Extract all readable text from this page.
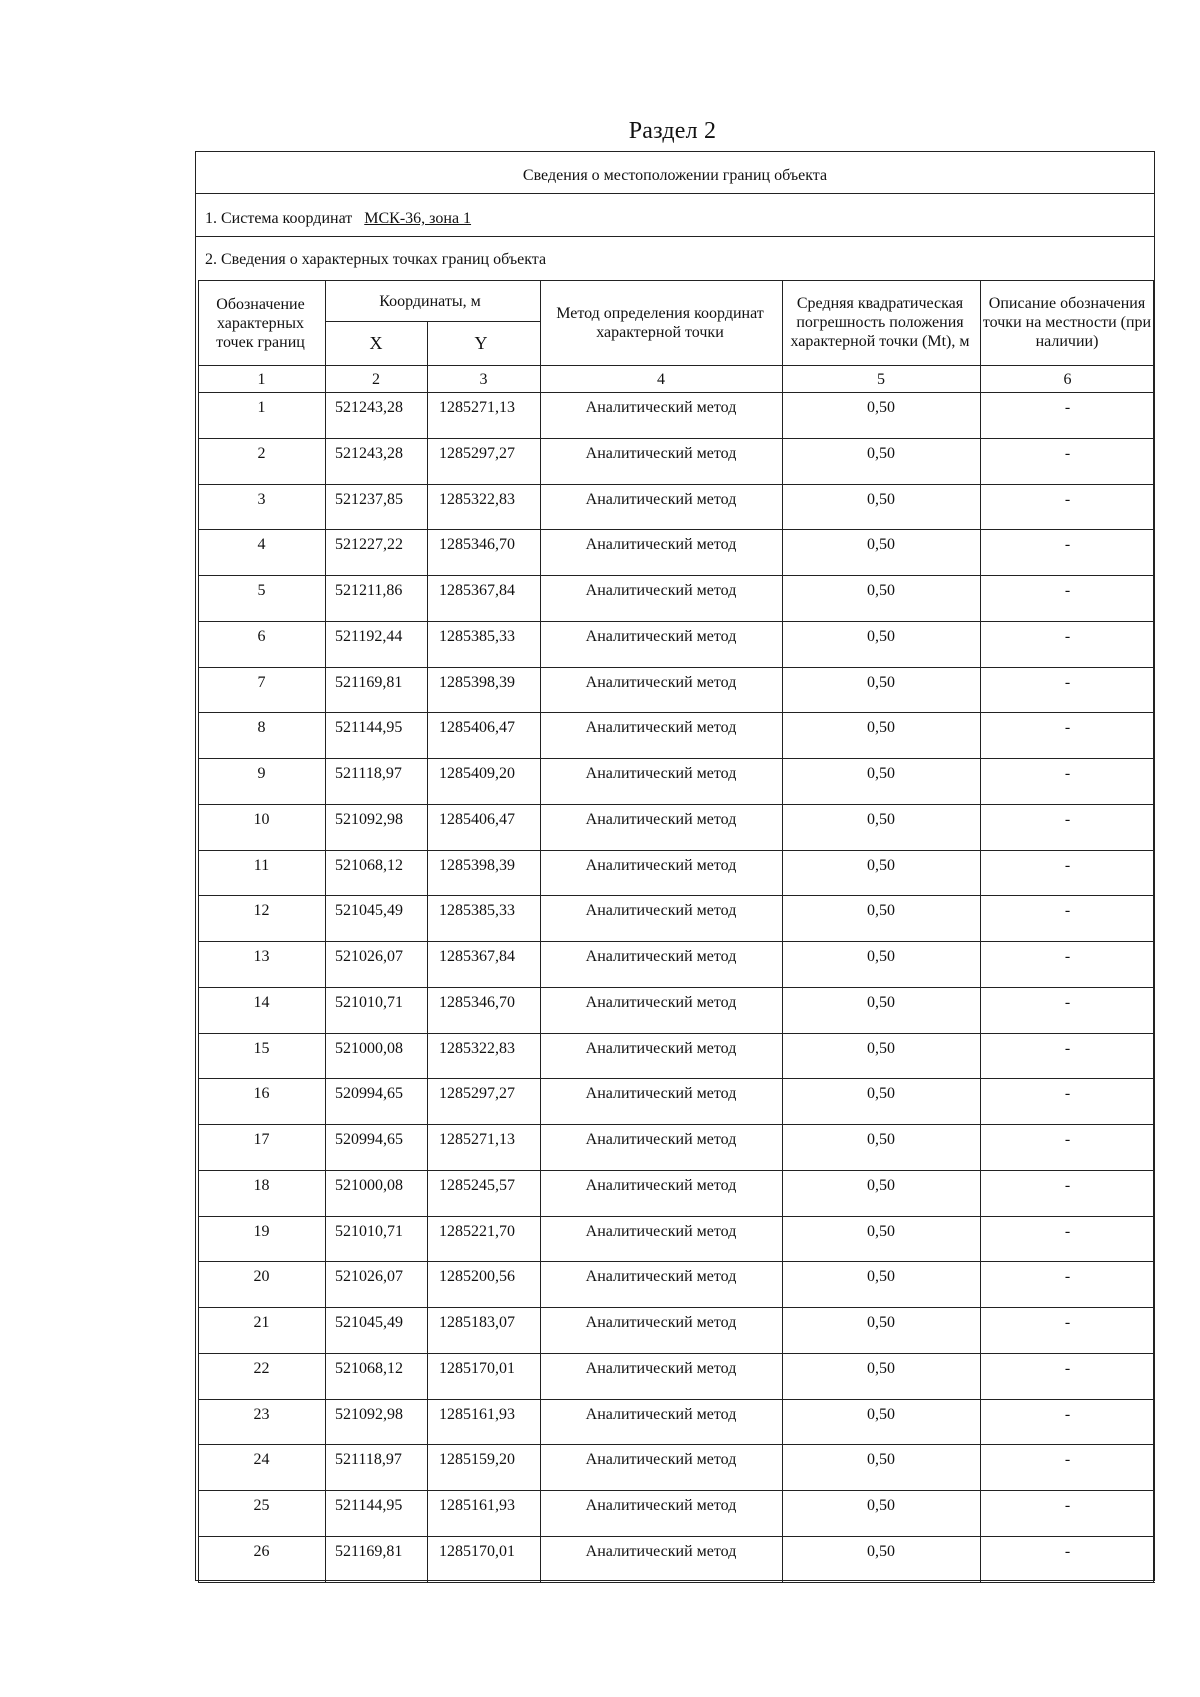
Раздел 2
Сведения о местоположении границ объекта
1. Система координат МСК-36, зона 1
2. Сведения о характерных точках границ объекта
Обозначение характерных точек границ
Координаты, м
X	Y
Метод определения координат характерной точки
Средняя квадратическая погрешность положения характерной точки (Mt), м
Описание обозначения точки на местности (при наличии)
1	2	3	4	5	6
1	521243,28	1285271,13	Аналитический метод	0,50	-
2	521243,28	1285297,27	Аналитический метод	0,50	-
3	521237,85	1285322,83	Аналитический метод	0,50	-
4	521227,22	1285346,70	Аналитический метод	0,50	-
5	521211,86	1285367,84	Аналитический метод	0,50	-
6	521192,44	1285385,33	Аналитический метод	0,50	-
7	521169,81	1285398,39	Аналитический метод	0,50	-
8	521144,95	1285406,47	Аналитический метод	0,50	-
9	521118,97	1285409,20	Аналитический метод	0,50	-
10	521092,98	1285406,47	Аналитический метод	0,50	-
11	521068,12	1285398,39	Аналитический метод	0,50	-
12	521045,49	1285385,33	Аналитический метод	0,50	-
13	521026,07	1285367,84	Аналитический метод	0,50	-
14	521010,71	1285346,70	Аналитический метод	0,50	-
15	521000,08	1285322,83	Аналитический метод	0,50	-
16	520994,65	1285297,27	Аналитический метод	0,50	-
17	520994,65	1285271,13	Аналитический метод	0,50	-
18	521000,08	1285245,57	Аналитический метод	0,50	-
19	521010,71	1285221,70	Аналитический метод	0,50	-
20	521026,07	1285200,56	Аналитический метод	0,50	-
21	521045,49	1285183,07	Аналитический метод	0,50	-
22	521068,12	1285170,01	Аналитический метод	0,50	-
23	521092,98	1285161,93	Аналитический метод	0,50	-
24	521118,97	1285159,20	Аналитический метод	0,50	-
25	521144,95	1285161,93	Аналитический метод	0,50	-
26	521169,81	1285170,01	Аналитический метод	0,50	-
